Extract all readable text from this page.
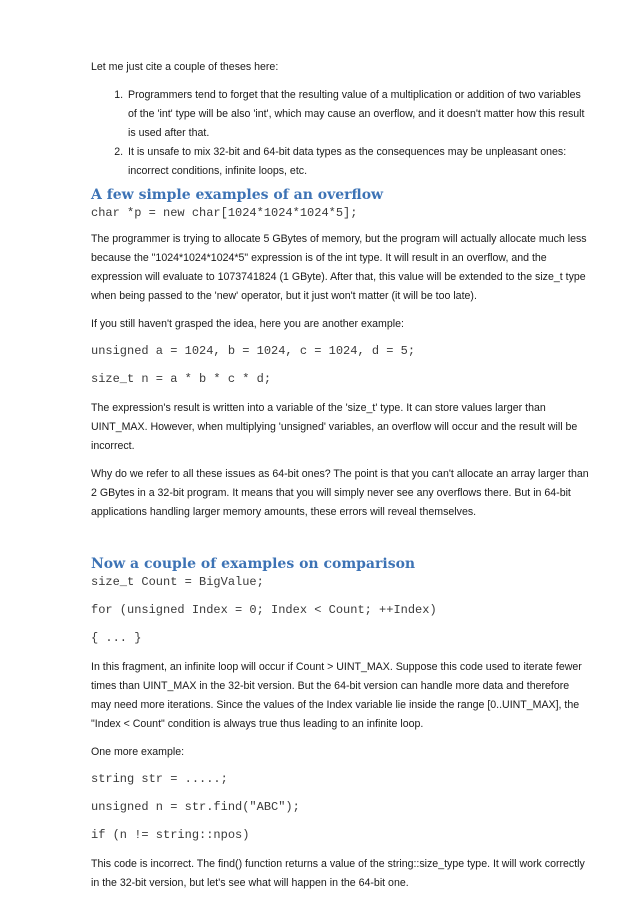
Let me just cite a couple of theses here:

1. Programmers tend to forget that the resulting value of a multiplication or addition of two variables of the 'int' type will be also 'int', which may cause an overflow, and it doesn't matter how this result is used after that.
2. It is unsafe to mix 32-bit and 64-bit data types as the consequences may be unpleasant ones: incorrect conditions, infinite loops, etc.
A few simple examples of an overflow
char *p = new char[1024*1024*1024*5];

The programmer is trying to allocate 5 GBytes of memory, but the program will actually allocate much less because the "1024*1024*1024*5" expression is of the int type. It will result in an overflow, and the expression will evaluate to 1073741824 (1 GByte). After that, this value will be extended to the size_t type when being passed to the 'new' operator, but it just won't matter (it will be too late).

If you still haven't grasped the idea, here you are another example:

unsigned a = 1024, b = 1024, c = 1024, d = 5;
size_t n = a * b * c * d;

The expression's result is written into a variable of the 'size_t' type. It can store values larger than UINT_MAX. However, when multiplying 'unsigned' variables, an overflow will occur and the result will be incorrect.

Why do we refer to all these issues as 64-bit ones? The point is that you can't allocate an array larger than 2 GBytes in a 32-bit program. It means that you will simply never see any overflows there. But in 64-bit applications handling larger memory amounts, these errors will reveal themselves.

Now a couple of examples on comparison
size_t Count = BigValue;
for (unsigned Index = 0; Index < Count; ++Index)
{ ... }

In this fragment, an infinite loop will occur if Count > UINT_MAX. Suppose this code used to iterate fewer times than UINT_MAX in the 32-bit version. But the 64-bit version can handle more data and therefore may need more iterations. Since the values of the Index variable lie inside the range [0..UINT_MAX], the "Index < Count" condition is always true thus leading to an infinite loop.

One more example:

string str = .....;
unsigned n = str.find("ABC");
if (n != string::npos)

This code is incorrect. The find() function returns a value of the string::size_type type. It will work correctly in the 32-bit version, but let's see what will happen in the 64-bit one.
